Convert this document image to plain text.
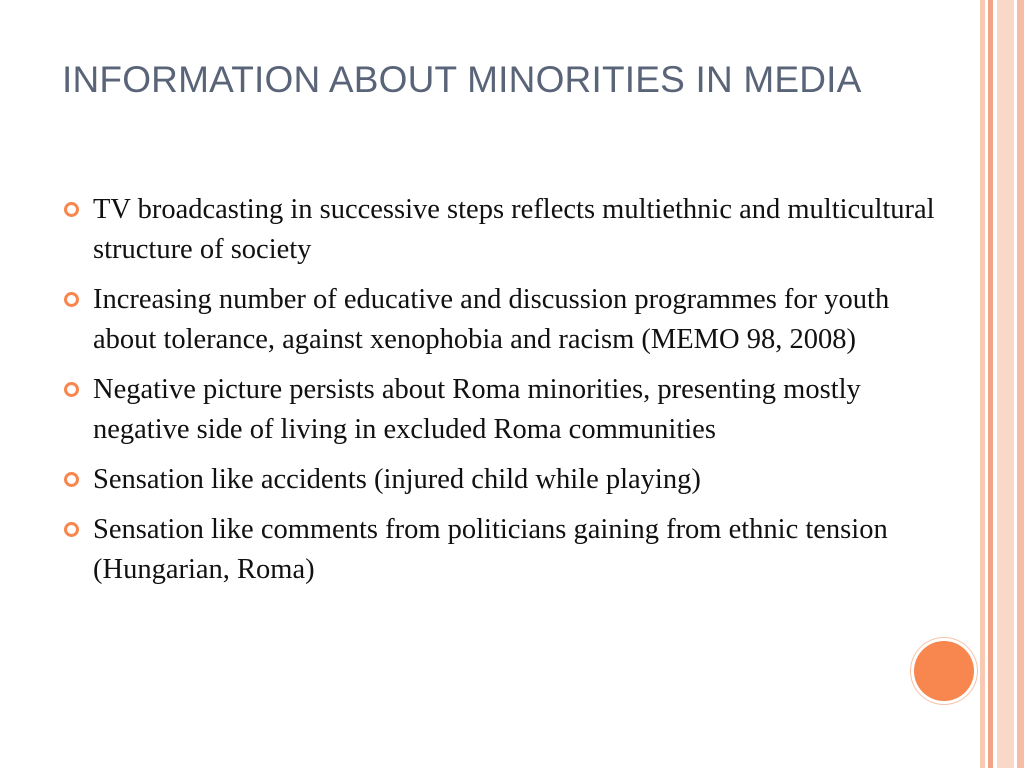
INFORMATION ABOUT MINORITIES IN MEDIA
TV broadcasting in successive steps reflects multiethnic and multicultural structure of society
Increasing number of educative and discussion programmes for youth about tolerance, against xenophobia and racism (MEMO 98, 2008)
Negative picture persists about Roma minorities, presenting mostly negative side of living in excluded Roma communities
Sensation like accidents (injured child while playing)
Sensation like comments from politicians gaining from ethnic tension (Hungarian, Roma)
